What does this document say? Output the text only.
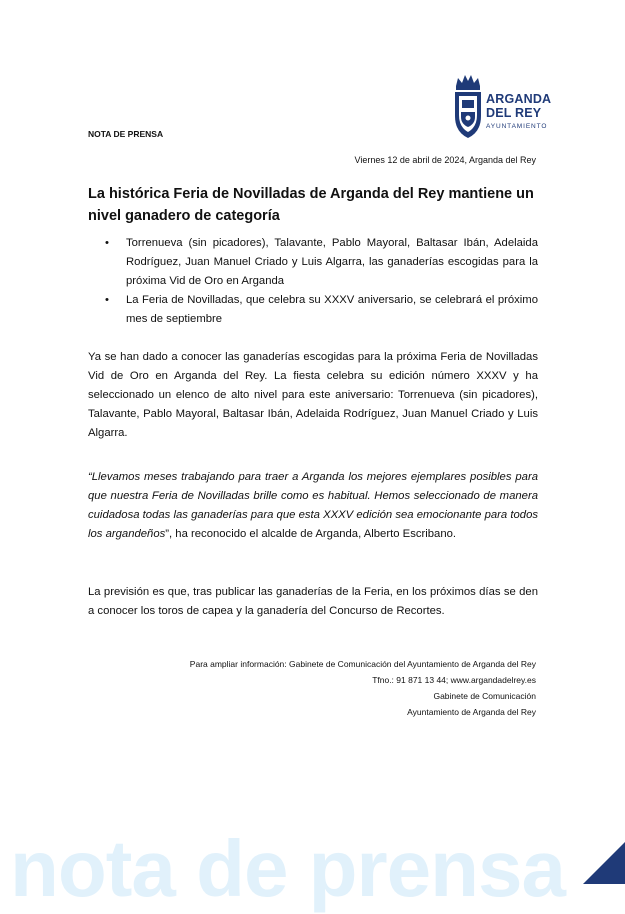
ARGANDA
DEL REY
AYUNTAMIENTO
NOTA DE PRENSA
Viernes 12 de abril de 2024, Arganda del Rey
La histórica Feria de Novilladas de Arganda del Rey mantiene un nivel ganadero de categoría
• Torrenueva (sin picadores), Talavante, Pablo Mayoral, Baltasar Ibán, Adelaida Rodríguez, Juan Manuel Criado y Luis Algarra, las ganaderías escogidas para la próxima Vid de Oro en Arganda
• La Feria de Novilladas, que celebra su XXXV aniversario, se celebrará el próximo mes de septiembre

Ya se han dado a conocer las ganaderías escogidas para la próxima Feria de Novilladas Vid de Oro en Arganda del Rey. La fiesta celebra su edición número XXXV y ha seleccionado un elenco de alto nivel para este aniversario: Torrenueva (sin picadores), Talavante, Pablo Mayoral, Baltasar Ibán, Adelaida Rodríguez, Juan Manuel Criado y Luis Algarra.

“Llevamos meses trabajando para traer a Arganda los mejores ejemplares posibles para que nuestra Feria de Novilladas brille como es habitual. Hemos seleccionado de manera cuidadosa todas las ganaderías para que esta XXXV edición sea emocionante para todos los argandeños”, ha reconocido el alcalde de Arganda, Alberto Escribano.

La previsión es que, tras publicar las ganaderías de la Feria, en los próximos días se den a conocer los toros de capea y la ganadería del Concurso de Recortes.

Para ampliar información: Gabinete de Comunicación del Ayuntamiento de Arganda del Rey
Tfno.: 91 871 13 44; www.argandadelrey.es
Gabinete de Comunicación
Ayuntamiento de Arganda del Rey
nota de prensa
